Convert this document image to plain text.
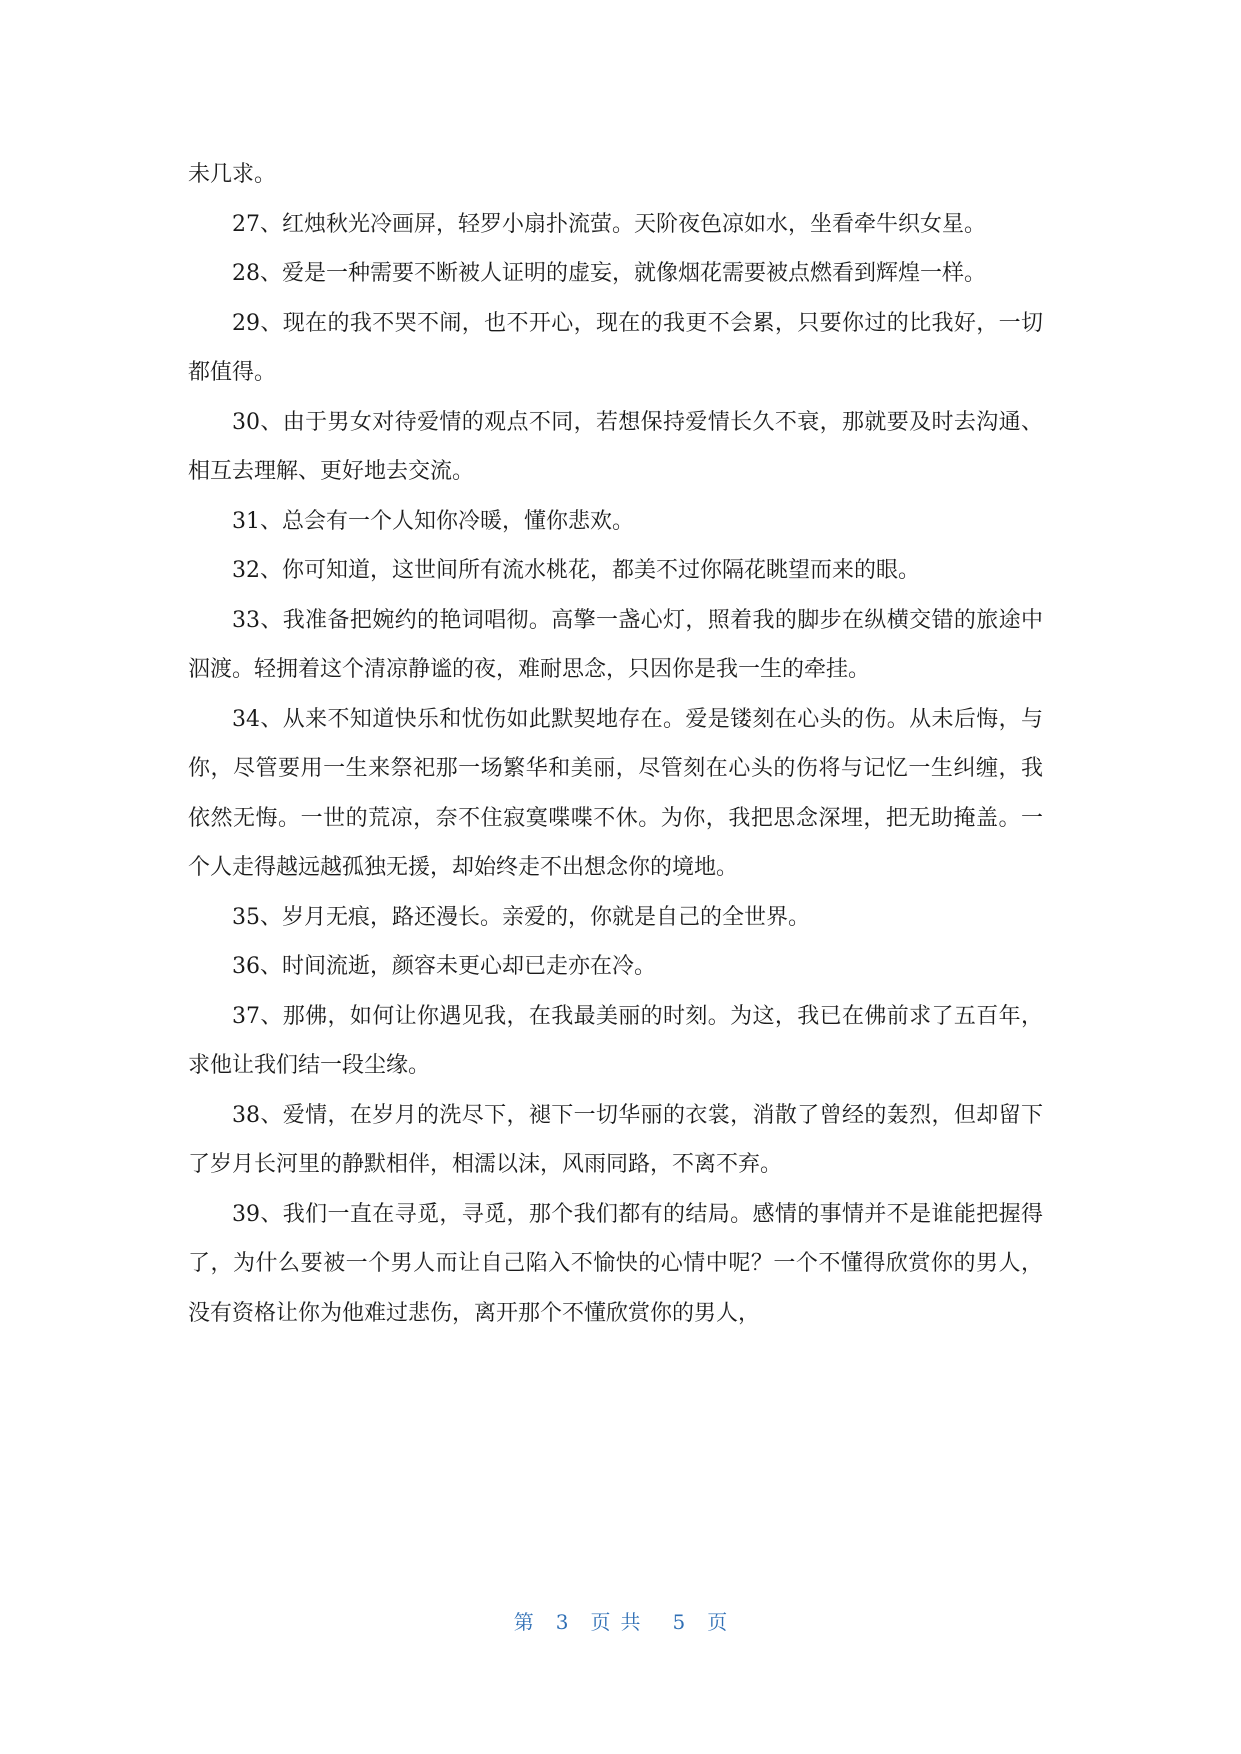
未几求。

27、红烛秋光冷画屏，轻罗小扇扑流萤。天阶夜色凉如水，坐看牵牛织女星。

28、爱是一种需要不断被人证明的虚妄，就像烟花需要被点燃看到辉煌一样。

29、现在的我不哭不闹，也不开心，现在的我更不会累，只要你过的比我好，一切都值得。

30、由于男女对待爱情的观点不同，若想保持爱情长久不衰，那就要及时去沟通、相互去理解、更好地去交流。

31、总会有一个人知你冷暖，懂你悲欢。

32、你可知道，这世间所有流水桃花，都美不过你隔花眺望而来的眼。

33、我准备把婉约的艳词唱彻。高擎一盏心灯，照着我的脚步在纵横交错的旅途中泅渡。轻拥着这个清凉静谧的夜，难耐思念，只因你是我一生的牵挂。

34、从来不知道快乐和忧伤如此默契地存在。爱是镂刻在心头的伤。从未后悔，与你，尽管要用一生来祭祀那一场繁华和美丽，尽管刻在心头的伤将与记忆一生纠缠，我依然无悔。一世的荒凉，奈不住寂寞喋喋不休。为你，我把思念深埋，把无助掩盖。一个人走得越远越孤独无援，却始终走不出想念你的境地。

35、岁月无痕，路还漫长。亲爱的，你就是自己的全世界。

36、时间流逝，颜容未更心却已走亦在冷。

37、那佛，如何让你遇见我，在我最美丽的时刻。为这，我已在佛前求了五百年，求他让我们结一段尘缘。

38、爱情，在岁月的洗尽下，褪下一切华丽的衣裳，消散了曾经的轰烈，但却留下了岁月长河里的静默相伴，相濡以沫，风雨同路，不离不弃。

39、我们一直在寻觅，寻觅，那个我们都有的结局。感情的事情并不是谁能把握得了，为什么要被一个男人而让自己陷入不愉快的心情中呢？一个不懂得欣赏你的男人，没有资格让你为他难过悲伤，离开那个不懂欣赏你的男人，

第 3 页共 5 页
